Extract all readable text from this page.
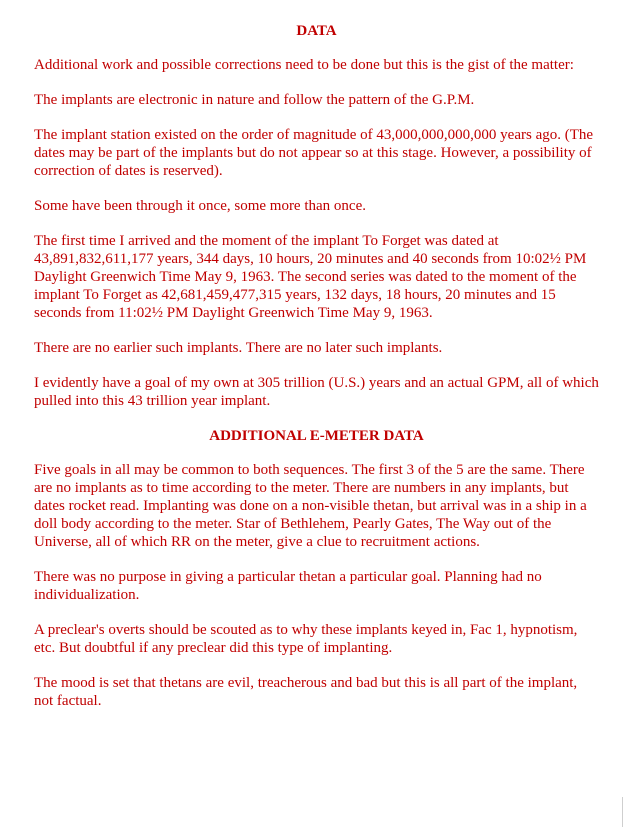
DATA

Additional work and possible corrections need to be done but this is the gist of the matter:

The implants are electronic in nature and follow the pattern of the G.P.M.

The implant station existed on the order of magnitude of 43,000,000,000,000 years ago. (The dates may be part of the implants but do not appear so at this stage. However, a possibility of correction of dates is reserved).

Some have been through it once, some more than once.

The first time I arrived and the moment of the implant To Forget was dated at 43,891,832,611,177 years, 344 days, 10 hours, 20 minutes and 40 seconds from 10:02½ PM Daylight Greenwich Time May 9, 1963. The second series was dated to the moment of the implant To Forget as 42,681,459,477,315 years, 132 days, 18 hours, 20 minutes and 15 seconds from 11:02½ PM Daylight Greenwich Time May 9, 1963.

There are no earlier such implants. There are no later such implants.

I evidently have a goal of my own at 305 trillion (U.S.) years and an actual GPM, all of which pulled into this 43 trillion year implant.

ADDITIONAL E-METER DATA

Five goals in all may be common to both sequences. The first 3 of the 5 are the same. There are no implants as to time according to the meter. There are numbers in any implants, but dates rocket read. Implanting was done on a non-visible thetan, but arrival was in a ship in a doll body according to the meter. Star of Bethlehem, Pearly Gates, The Way out of the Universe, all of which RR on the meter, give a clue to recruitment actions.

There was no purpose in giving a particular thetan a particular goal. Planning had no individualization.

A preclear's overts should be scouted as to why these implants keyed in, Fac 1, hypnotism, etc. But doubtful if any preclear did this type of implanting.

The mood is set that thetans are evil, treacherous and bad but this is all part of the implant, not factual.
